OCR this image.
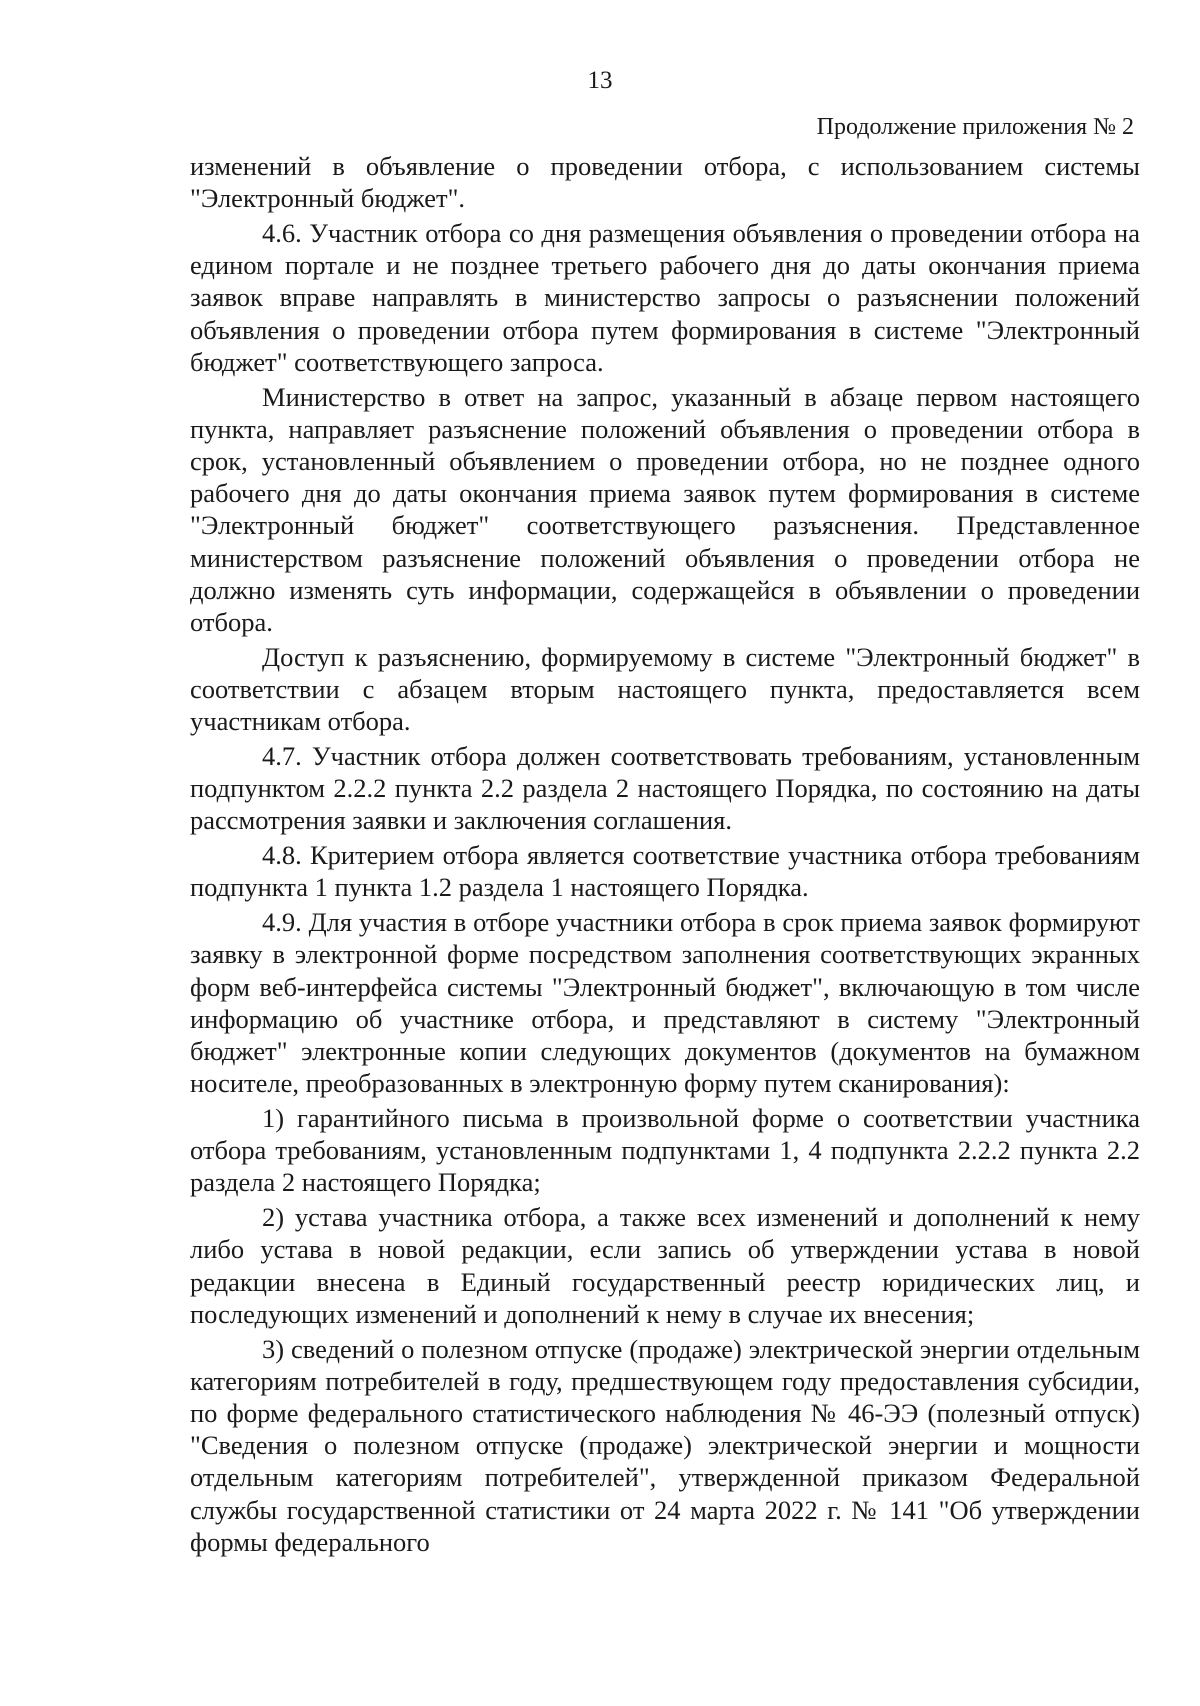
13
Продолжение приложения № 2

изменений в объявление о проведении отбора, с использованием системы "Электронный бюджет".

4.6. Участник отбора со дня размещения объявления о проведении отбора на едином портале и не позднее третьего рабочего дня до даты окончания приема заявок вправе направлять в министерство запросы о разъяснении положений объявления о проведении отбора путем формирования в системе "Электронный бюджет" соответствующего запроса.

Министерство в ответ на запрос, указанный в абзаце первом настоящего пункта, направляет разъяснение положений объявления о проведении отбора в срок, установленный объявлением о проведении отбора, но не позднее одного рабочего дня до даты окончания приема заявок путем формирования в системе "Электронный бюджет" соответствующего разъяснения. Представленное министерством разъяснение положений объявления о проведении отбора не должно изменять суть информации, содержащейся в объявлении о проведении отбора.

Доступ к разъяснению, формируемому в системе "Электронный бюджет" в соответствии с абзацем вторым настоящего пункта, предоставляется всем участникам отбора.

4.7. Участник отбора должен соответствовать требованиям, установленным подпунктом 2.2.2 пункта 2.2 раздела 2 настоящего Порядка, по состоянию на даты рассмотрения заявки и заключения соглашения.

4.8. Критерием отбора является соответствие участника отбора требованиям подпункта 1 пункта 1.2 раздела 1 настоящего Порядка.

4.9. Для участия в отборе участники отбора в срок приема заявок формируют заявку в электронной форме посредством заполнения соответствующих экранных форм веб-интерфейса системы "Электронный бюджет", включающую в том числе информацию об участнике отбора, и представляют в систему "Электронный бюджет" электронные копии следующих документов (документов на бумажном носителе, преобразованных в электронную форму путем сканирования):

1) гарантийного письма в произвольной форме о соответствии участника отбора требованиям, установленным подпунктами 1, 4 подпункта 2.2.2 пункта 2.2 раздела 2 настоящего Порядка;

2) устава участника отбора, а также всех изменений и дополнений к нему либо устава в новой редакции, если запись об утверждении устава в новой редакции внесена в Единый государственный реестр юридических лиц, и последующих изменений и дополнений к нему в случае их внесения;

3) сведений о полезном отпуске (продаже) электрической энергии отдельным категориям потребителей в году, предшествующем году предоставления субсидии, по форме федерального статистического наблюдения № 46-ЭЭ (полезный отпуск) "Сведения о полезном отпуске (продаже) электрической энергии и мощности отдельным категориям потребителей", утвержденной приказом Федеральной службы государственной статистики от 24 марта 2022 г. № 141 "Об утверждении формы федерального
